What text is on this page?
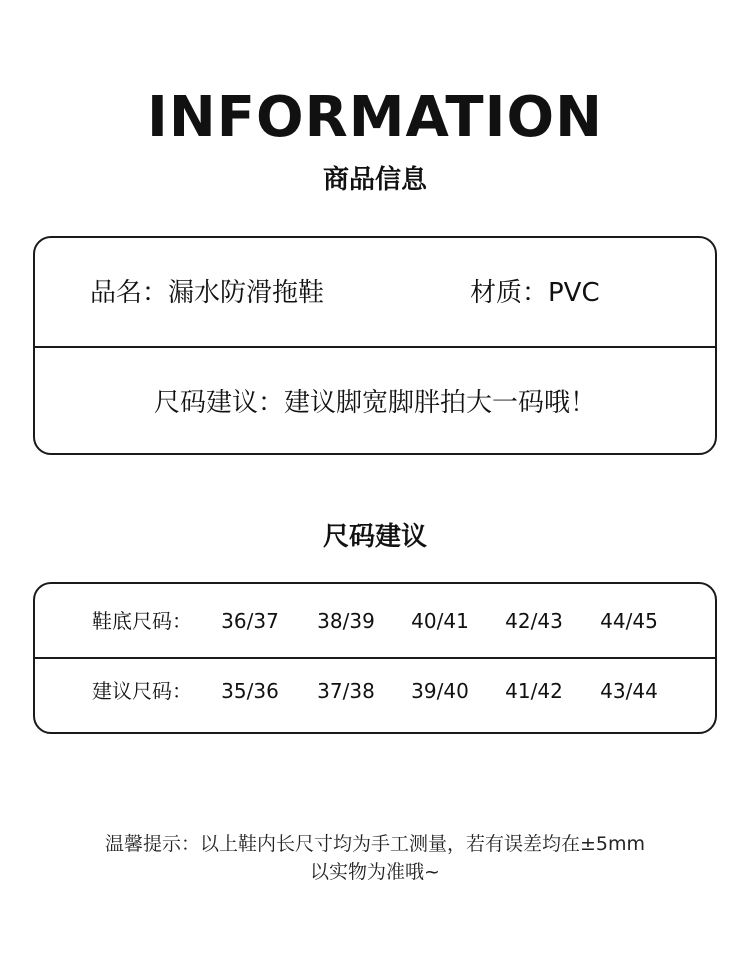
INFORMATION
商品信息
品名：漏水防滑拖鞋	材质：PVC
尺码建议：建议脚宽脚胖拍大一码哦！
尺码建议
鞋底尺码：	36/37	38/39	40/41	42/43	44/45
建议尺码：	35/36	37/38	39/40	41/42	43/44
温馨提示：以上鞋内长尺寸均为手工测量，若有误差均在±5mm
以实物为准哦~
